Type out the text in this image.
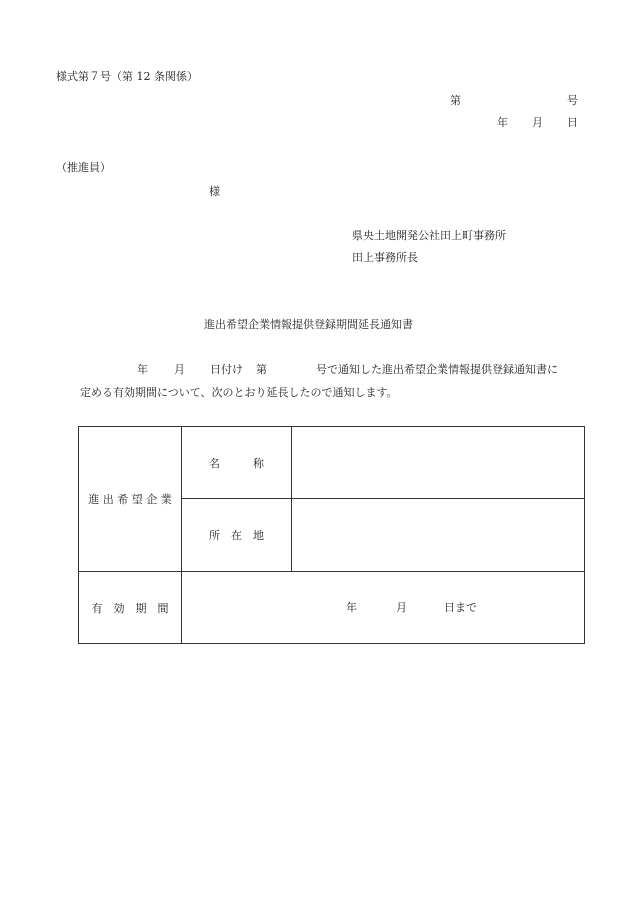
様式第７号（第 12 条関係）
第	号
年 月 日
（推進員）
様
県央土地開発公社田上町事務所
田上事務所長
進出希望企業情報提供登録期間延長通知書
年 月 日付け 第	号で通知した進出希望企業情報提供登録通知書に
定める有効期間について、次のとおり延長したので通知します。
進 出 希 望 企 業	名　　　称	
	所　在　地	
有　効　期　間	年 月 日まで	
